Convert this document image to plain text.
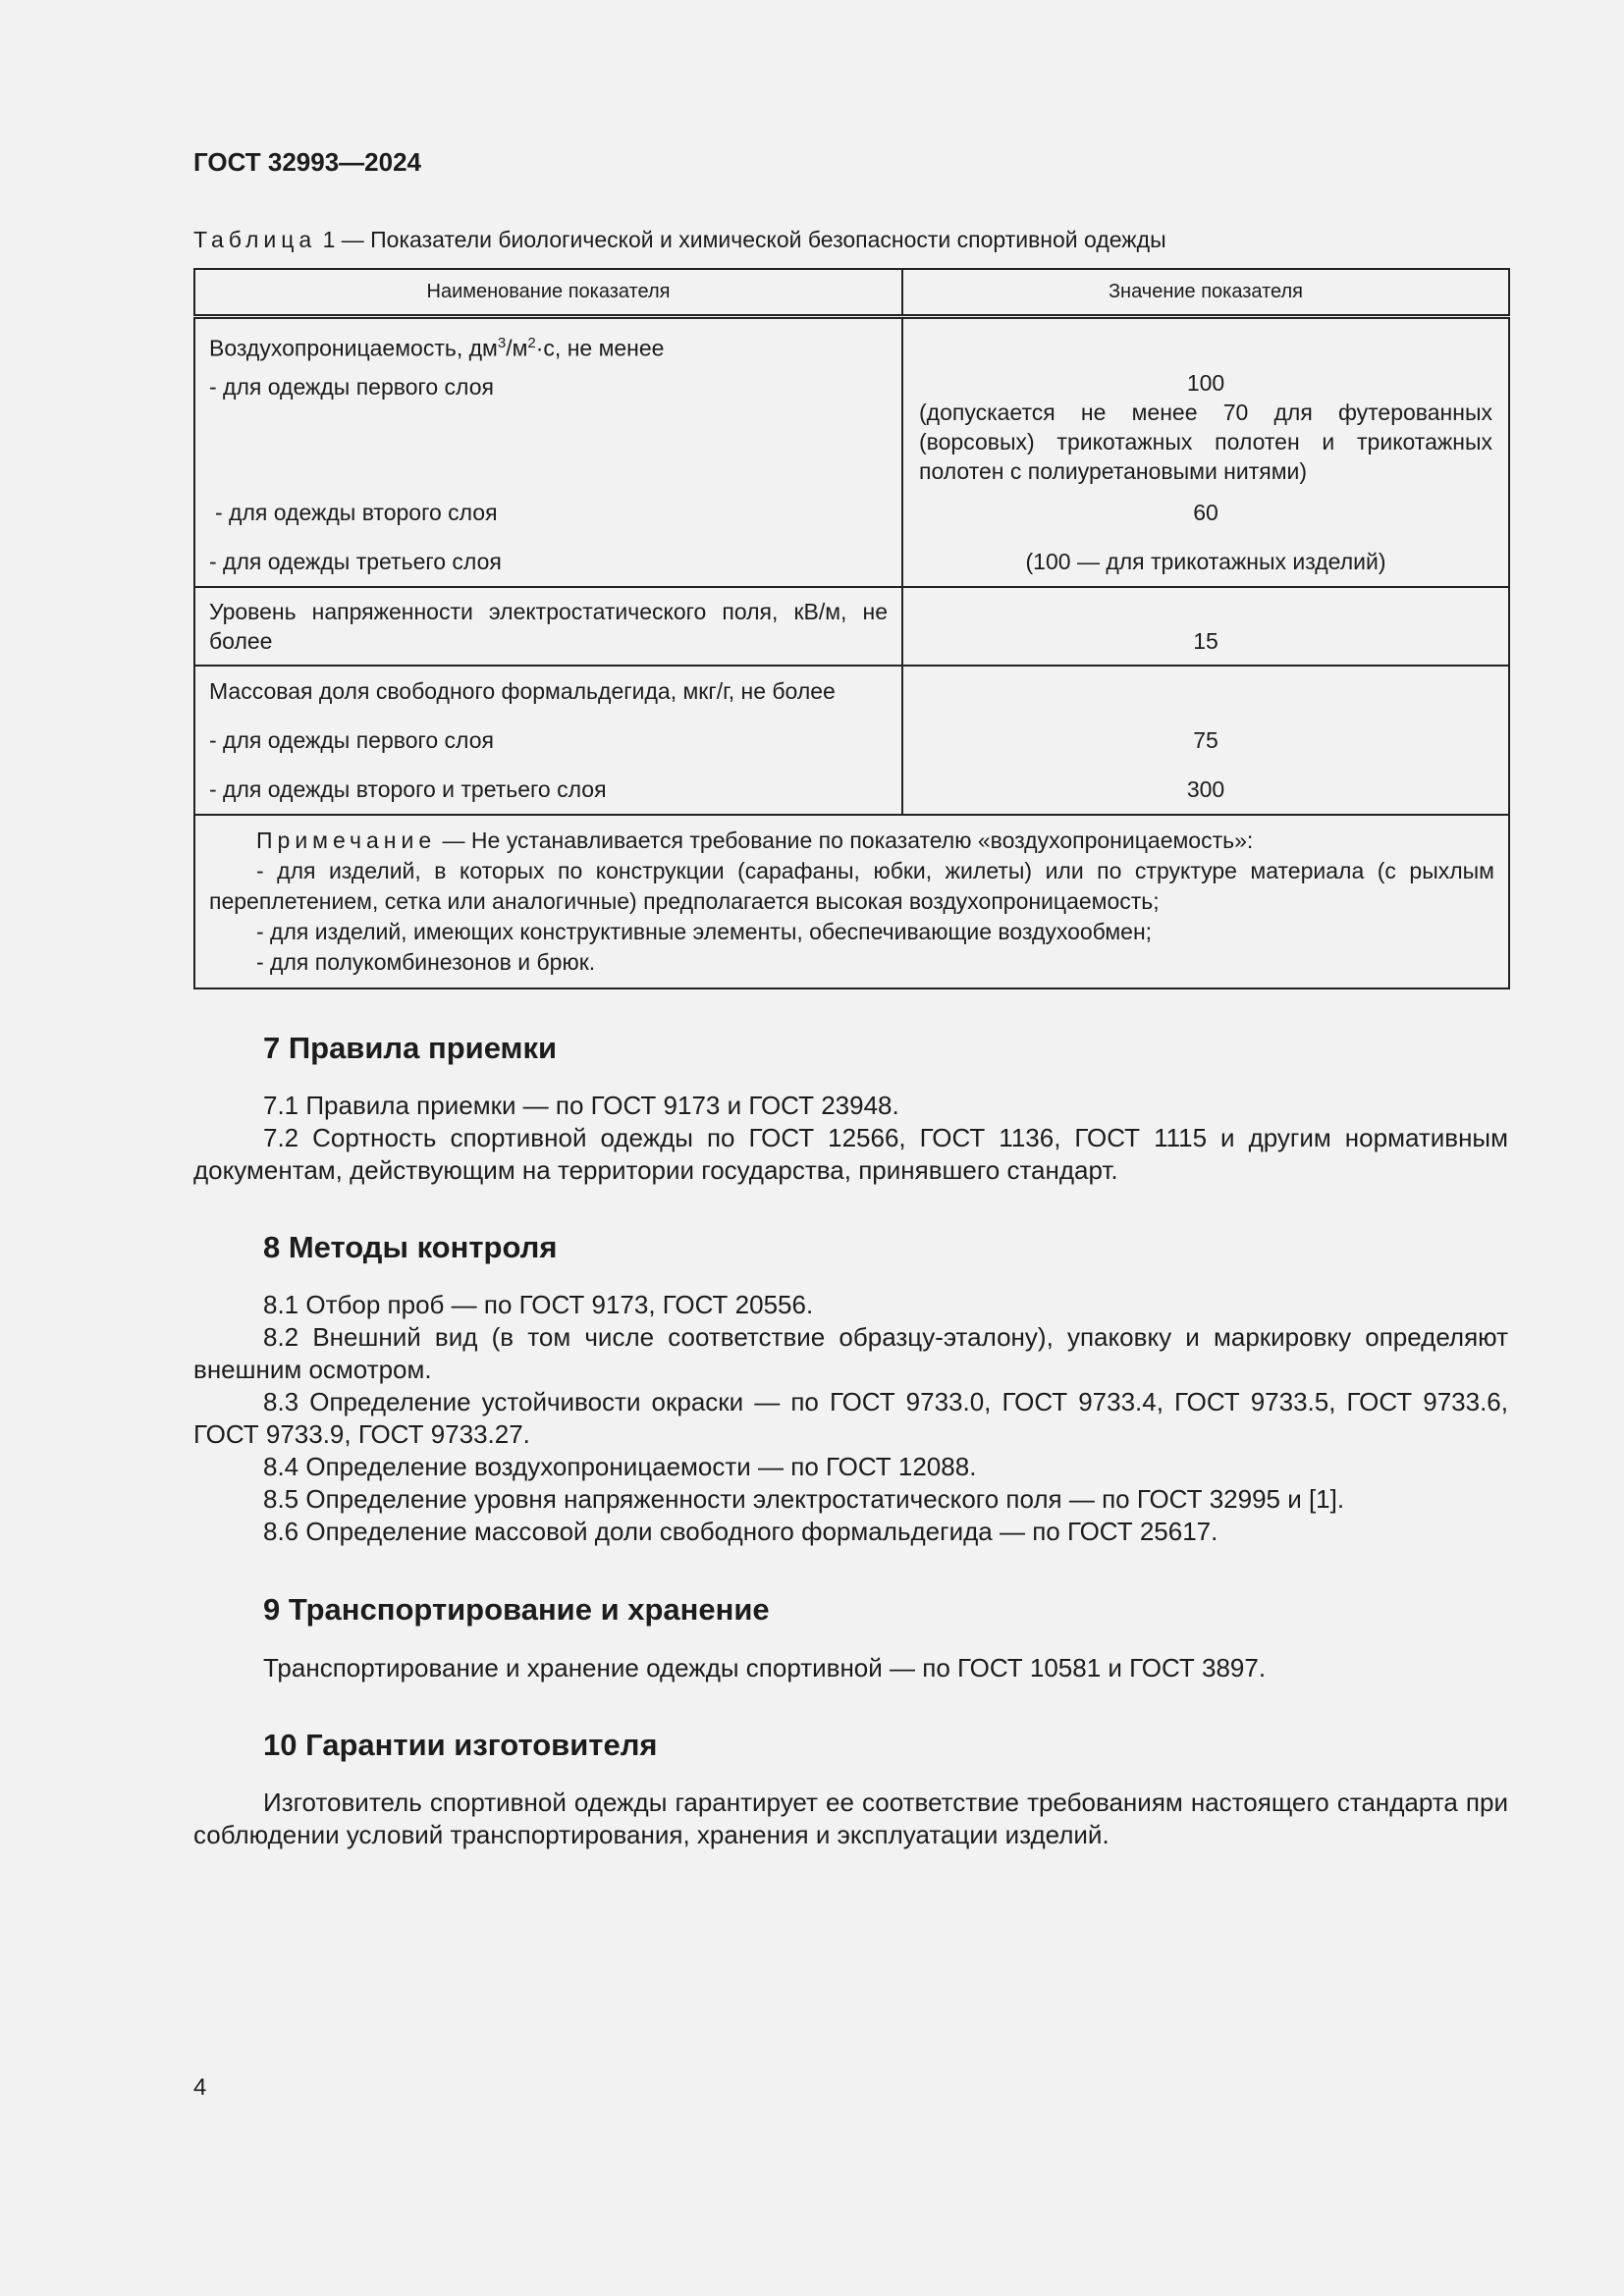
ГОСТ 32993—2024
Таблица 1 — Показатели биологической и химической безопасности спортивной одежды
Наименование показателя	Значение показателя

Воздухопроницаемость, $дм^3/м^2\cdot с$, не менее	

- для одежды первого слоя	100
(допускается не менее 70 для футерованных (ворсовых) трикотажных полотен и трикотажных полотен с полиуретановыми нитями)

- для одежды второго слоя	60

- для одежды третьего слоя	(100 — для трикотажных изделий)

Уровень напряженности электростатического поля, кВ/м, не более	15

Массовая доля свободного формальдегида, мкг/г, не более	

- для одежды первого слоя	75

- для одежды второго и третьего слоя	300

Примечание — Не устанавливается требование по показателю «воздухопроницаемость»:
- для изделий, в которых по конструкции (сарафаны, юбки, жилеты) или по структуре материала (с рыхлым переплетением, сетка или аналогичные) предполагается высокая воздухопроницаемость;
- для изделий, имеющих конструктивные элементы, обеспечивающие воздухообмен;
- для полукомбинезонов и брюк.	
7 Правила приемки

7.1 Правила приемки — по ГОСТ 9173 и ГОСТ 23948.

7.2 Сортность спортивной одежды по ГОСТ 12566, ГОСТ 1136, ГОСТ 1115 и другим нормативным документам, действующим на территории государства, принявшего стандарт.

8 Методы контроля

8.1 Отбор проб — по ГОСТ 9173, ГОСТ 20556.

8.2 Внешний вид (в том числе соответствие образцу-эталону), упаковку и маркировку определяют внешним осмотром.

8.3 Определение устойчивости окраски — по ГОСТ 9733.0, ГОСТ 9733.4, ГОСТ 9733.5, ГОСТ 9733.6, ГОСТ 9733.9, ГОСТ 9733.27.

8.4 Определение воздухопроницаемости — по ГОСТ 12088.

8.5 Определение уровня напряженности электростатического поля — по ГОСТ 32995 и [1].

8.6 Определение массовой доли свободного формальдегида — по ГОСТ 25617.

9 Транспортирование и хранение

Транспортирование и хранение одежды спортивной — по ГОСТ 10581 и ГОСТ 3897.

10 Гарантии изготовителя

Изготовитель спортивной одежды гарантирует ее соответствие требованиям настоящего стандарта при соблюдении условий транспортирования, хранения и эксплуатации изделий.

4
